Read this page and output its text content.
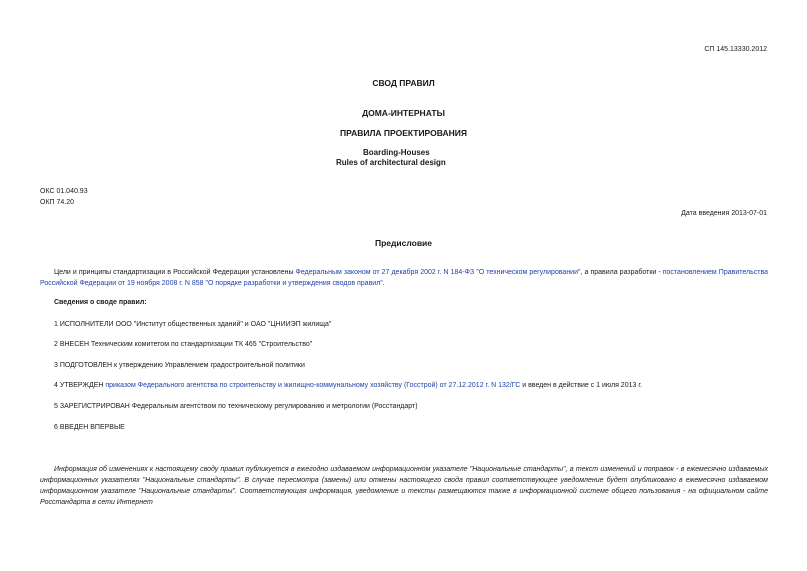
СП 145.13330.2012
СВОД ПРАВИЛ
ДОМА-ИНТЕРНАТЫ
ПРАВИЛА ПРОЕКТИРОВАНИЯ
Boarding-Houses
Rules of architectural design
ОКС 01.040.93
ОКП 74.20
Дата введения 2013-07-01
Предисловие
Цели и принципы стандартизации в Российской Федерации установлены Федеральным законом от 27 декабря 2002 г. N 184-ФЗ "О техническом регулировании", а правила разработки - постановлением Правительства Российской Федерации от 19 ноября 2008 г. N 858 "О порядке разработки и утверждения сводов правил".
Сведения о своде правил:
1 ИСПОЛНИТЕЛИ ООО "Институт общественных зданий" и ОАО "ЦНИИЭП жилища"
2 ВНЕСЕН Техническим комитетом по стандартизации ТК 465 "Строительство"
3 ПОДГОТОВЛЕН к утверждению Управлением градостроительной политики
4 УТВЕРЖДЕН приказом Федерального агентства по строительству и жилищно-коммунальному хозяйству (Госстрой) от 27.12.2012 г. N 132/ГС и введен в действие с 1 июля 2013 г.
5 ЗАРЕГИСТРИРОВАН Федеральным агентством по техническому регулированию и метрологии (Росстандарт)
6 ВВЕДЕН ВПЕРВЫЕ
Информация об изменениях к настоящему своду правил публикуется в ежегодно издаваемом информационном указателе "Национальные стандарты", а текст изменений и поправок - в ежемесячно издаваемых информационных указателях "Национальные стандарты". В случае пересмотра (замены) или отмены настоящего свода правил соответствующее уведомление будет опубликовано в ежемесячно издаваемом информационном указателе "Национальные стандарты". Соответствующая информация, уведомление и тексты размещаются также в информационной системе общего пользования - на официальном сайте Росстандарта в сети Интернет
